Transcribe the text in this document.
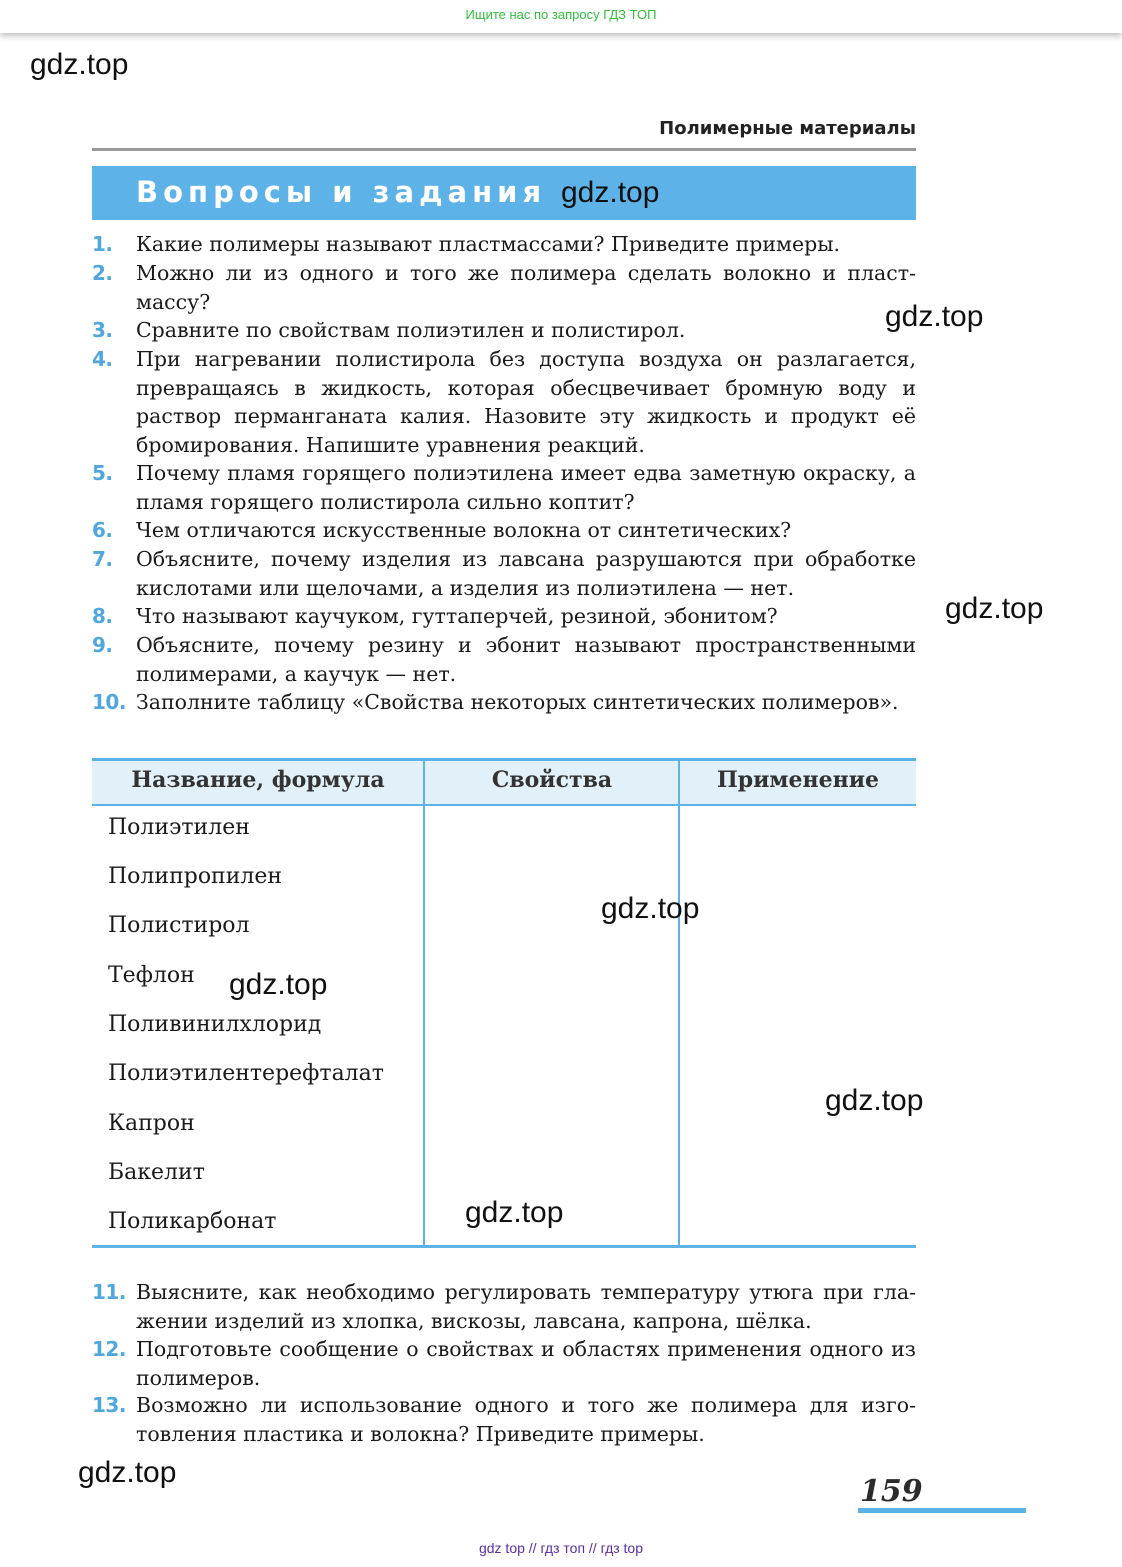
Ищите нас по запросу ГДЗ ТОП
Полимерные материалы
Вопросы и задания
1.	Какие полимеры называют пластмассами? Приведите примеры.
2.	Можно ли из одного и того же полимера сделать волокно и пластмассу?
3.	Сравните по свойствам полиэтилен и полистирол.
4.	При нагревании полистирола без доступа воздуха он разлагается, превращаясь в жидкость, которая обесцвечивает бромную воду и раствор перманганата калия. Назовите эту жидкость и продукт её бромирования. Напишите уравнения реакций.
5.	Почему пламя горящего полиэтилена имеет едва заметную окраску, а пламя горящего полистирола сильно коптит?
6.	Чем отличаются искусственные волокна от синтетических?
7.	Объясните, почему изделия из лавсана разрушаются при обработке кислотами или щелочами, а изделия из полиэтилена — нет.
8.	Что называют каучуком, гуттаперчей, резиной, эбонитом?
9.	Объясните, почему резину и эбонит называют пространственными полимерами, а каучук — нет.
10. Заполните таблицу «Свойства некоторых синтетических полимеров».
Название, формула	Свойства	Применение
Полиэтилен
Полипропилен
Полистирол
Тефлон
Поливинилхлорид
Полиэтилентерефталат
Капрон
Бакелит
Поликарбонат
11. Выясните, как необходимо регулировать температуру утюга при глажении изделий из хлопка, вискозы, лавсана, капрона, шёлка.
12. Подготовьте сообщение о свойствах и областях применения одного из полимеров.
13. Возможно ли использование одного и того же полимера для изготовления пластика и волокна? Приведите примеры.
159
gdz.top
gdz.top
gdz.top
gdz.top
gdz.top
gdz.top
gdz.top
gdz.top
gdz.top
gdz top // гдз топ // гдз top
